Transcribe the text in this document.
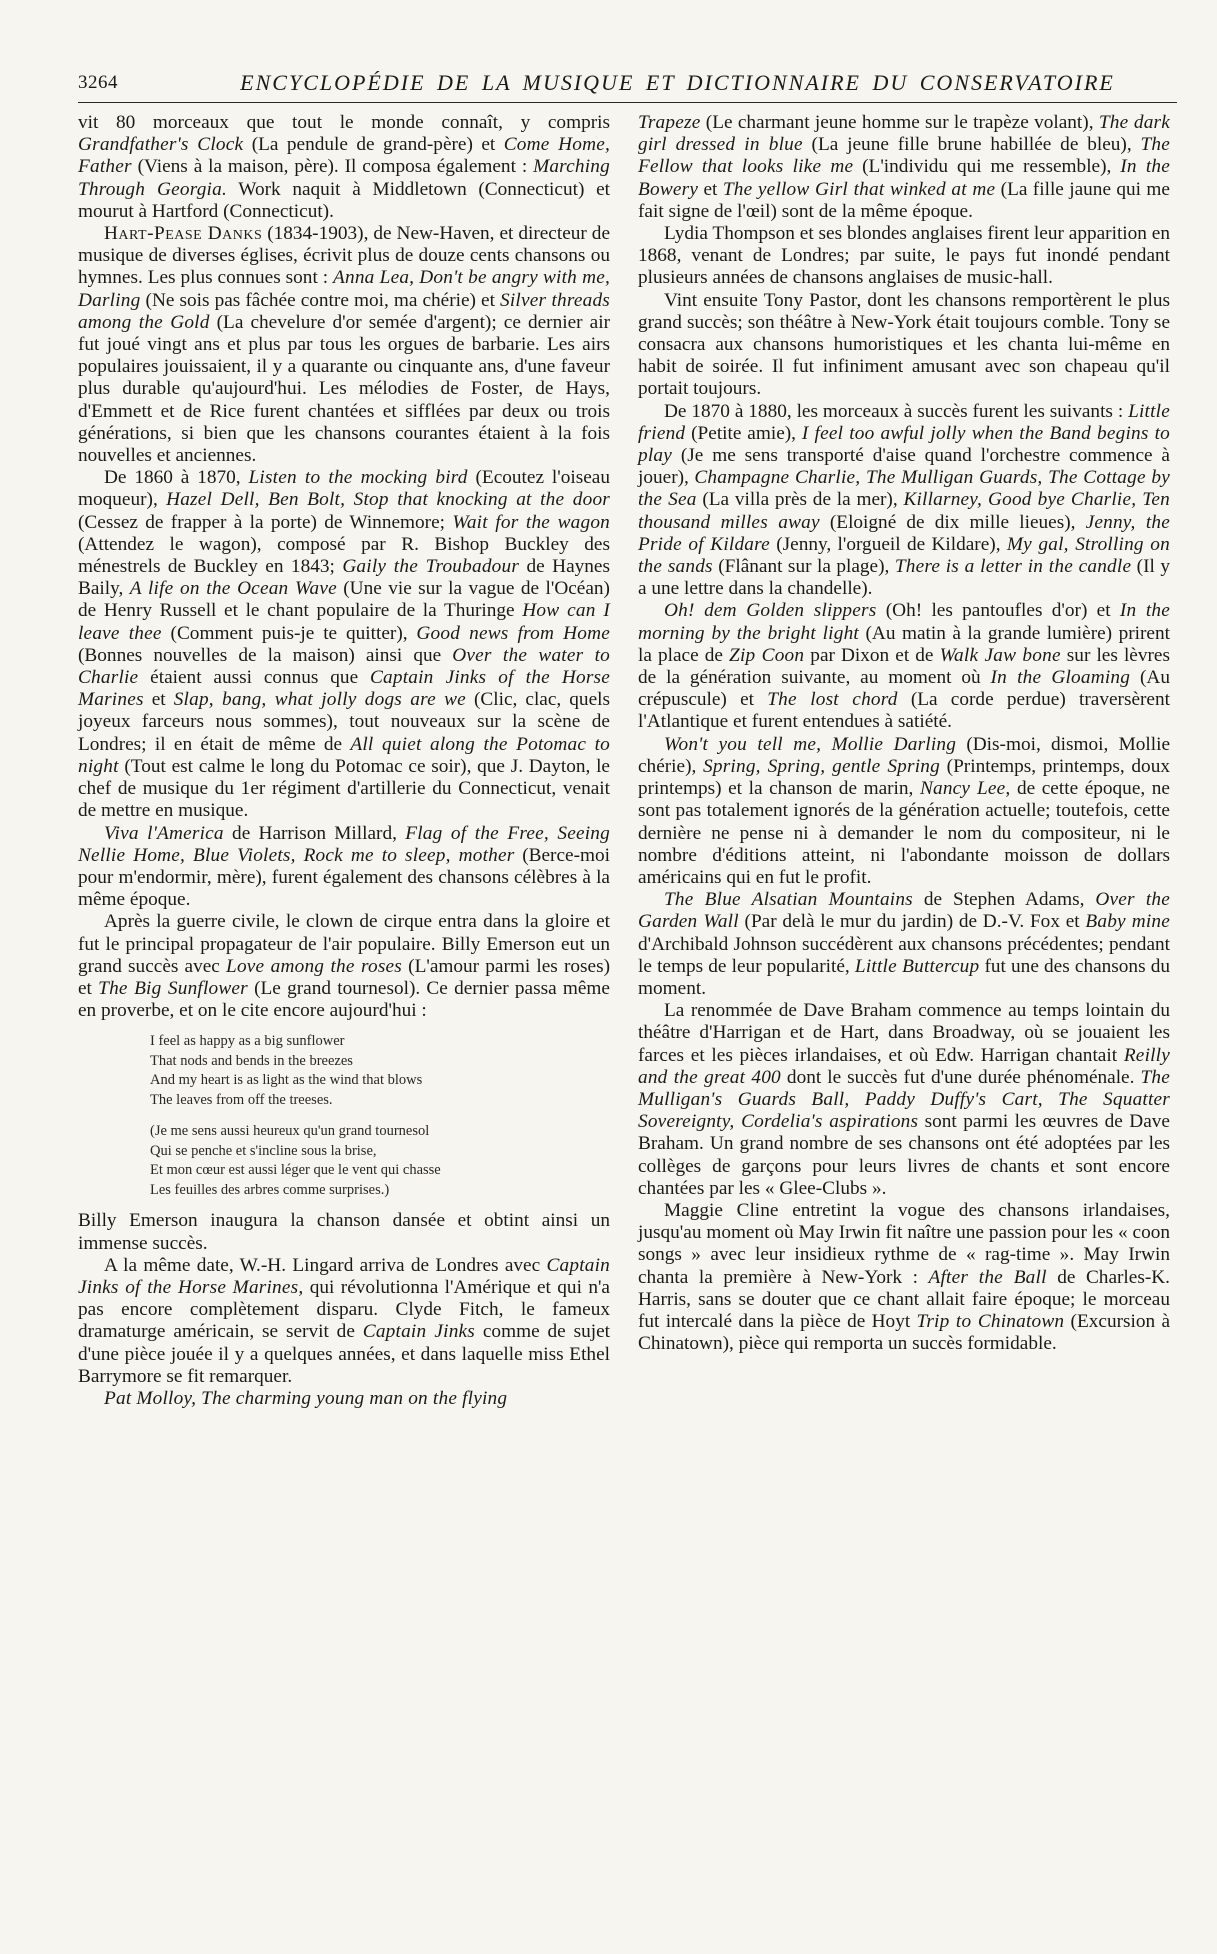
3264	ENCYCLOPÉDIE DE LA MUSIQUE ET DICTIONNAIRE DU CONSERVATOIRE

vit 80 morceaux que tout le monde connaît, y compris Grandfather's Clock (La pendule de grand-père) et Come Home, Father (Viens à la maison, père). Il composa également : Marching Through Georgia. Work naquit à Middletown (Connecticut) et mourut à Hartford (Connecticut).

Hart-Pease Danks (1834-1903), de New-Haven, et directeur de musique de diverses églises, écrivit plus de douze cents chansons ou hymnes. Les plus connues sont : Anna Lea, Don't be angry with me, Darling (Ne sois pas fâchée contre moi, ma chérie) et Silver threads among the Gold (La chevelure d'or semée d'argent); ce dernier air fut joué vingt ans et plus par tous les orgues de barbarie. Les airs populaires jouissaient, il y a quarante ou cinquante ans, d'une faveur plus durable qu'aujourd'hui. Les mélodies de Foster, de Hays, d'Emmett et de Rice furent chantées et sifflées par deux ou trois générations, si bien que les chansons courantes étaient à la fois nouvelles et anciennes.

De 1860 à 1870, Listen to the mocking bird (Ecoutez l'oiseau moqueur), Hazel Dell, Ben Bolt, Stop that knocking at the door (Cessez de frapper à la porte) de Winnemore; Wait for the wagon (Attendez le wagon), composé par R. Bishop Buckley des ménestrels de Buckley en 1843; Gaily the Troubadour de Haynes Baily, A life on the Ocean Wave (Une vie sur la vague de l'Océan) de Henry Russell et le chant populaire de la Thuringe How can I leave thee (Comment puis-je te quitter), Good news from Home (Bonnes nouvelles de la maison) ainsi que Over the water to Charlie étaient aussi connus que Captain Jinks of the Horse Marines et Slap, bang, what jolly dogs are we (Clic, clac, quels joyeux farceurs nous sommes), tout nouveaux sur la scène de Londres; il en était de même de All quiet along the Potomac to night (Tout est calme le long du Potomac ce soir), que J. Dayton, le chef de musique du 1er régiment d'artillerie du Connecticut, venait de mettre en musique.

Viva l'America de Harrison Millard, Flag of the Free, Seeing Nellie Home, Blue Violets, Rock me to sleep, mother (Berce-moi pour m'endormir, mère), furent également des chansons célèbres à la même époque.

Après la guerre civile, le clown de cirque entra dans la gloire et fut le principal propagateur de l'air populaire. Billy Emerson eut un grand succès avec Love among the roses (L'amour parmi les roses) et The Big Sunflower (Le grand tournesol). Ce dernier passa même en proverbe, et on le cite encore aujourd'hui :

I feel as happy as a big sunflower
That nods and bends in the breezes
And my heart is as light as the wind that blows
The leaves from off the treeses.
(Je me sens aussi heureux qu'un grand tournesol
Qui se penche et s'incline sous la brise,
Et mon cœur est aussi léger que le vent qui chasse
Les feuilles des arbres comme surprises.)

Billy Emerson inaugura la chanson dansée et obtint ainsi un immense succès.

A la même date, W.-H. Lingard arriva de Londres avec Captain Jinks of the Horse Marines, qui révolutionna l'Amérique et qui n'a pas encore complètement disparu. Clyde Fitch, le fameux dramaturge américain, se servit de Captain Jinks comme de sujet d'une pièce jouée il y a quelques années, et dans laquelle miss Ethel Barrymore se fit remarquer.

Pat Molloy, The charming young man on the flying

Trapeze (Le charmant jeune homme sur le trapèze volant), The dark girl dressed in blue (La jeune fille brune habillée de bleu), The Fellow that looks like me (L'individu qui me ressemble), In the Bowery et The yellow Girl that winked at me (La fille jaune qui me fait signe de l'œil) sont de la même époque.

Lydia Thompson et ses blondes anglaises firent leur apparition en 1868, venant de Londres; par suite, le pays fut inondé pendant plusieurs années de chansons anglaises de music-hall.

Vint ensuite Tony Pastor, dont les chansons remportèrent le plus grand succès; son théâtre à New-York était toujours comble. Tony se consacra aux chansons humoristiques et les chanta lui-même en habit de soirée. Il fut infiniment amusant avec son chapeau qu'il portait toujours.

De 1870 à 1880, les morceaux à succès furent les suivants : Little friend (Petite amie), I feel too awful jolly when the Band begins to play (Je me sens transporté d'aise quand l'orchestre commence à jouer), Champagne Charlie, The Mulligan Guards, The Cottage by the Sea (La villa près de la mer), Killarney, Good bye Charlie, Ten thousand milles away (Eloigné de dix mille lieues), Jenny, the Pride of Kildare (Jenny, l'orgueil de Kildare), My gal, Strolling on the sands (Flânant sur la plage), There is a letter in the candle (Il y a une lettre dans la chandelle).

Oh! dem Golden slippers (Oh! les pantoufles d'or) et In the morning by the bright light (Au matin à la grande lumière) prirent la place de Zip Coon par Dixon et de Walk Jaw bone sur les lèvres de la génération suivante, au moment où In the Gloaming (Au crépuscule) et The lost chord (La corde perdue) traversèrent l'Atlantique et furent entendues à satiété.

Won't you tell me, Mollie Darling (Dis-moi, dismoi, Mollie chérie), Spring, Spring, gentle Spring (Printemps, printemps, doux printemps) et la chanson de marin, Nancy Lee, de cette époque, ne sont pas totalement ignorés de la génération actuelle; toutefois, cette dernière ne pense ni à demander le nom du compositeur, ni le nombre d'éditions atteint, ni l'abondante moisson de dollars américains qui en fut le profit.

The Blue Alsatian Mountains de Stephen Adams, Over the Garden Wall (Par delà le mur du jardin) de D.-V. Fox et Baby mine d'Archibald Johnson succédèrent aux chansons précédentes; pendant le temps de leur popularité, Little Buttercup fut une des chansons du moment.

La renommée de Dave Braham commence au temps lointain du théâtre d'Harrigan et de Hart, dans Broadway, où se jouaient les farces et les pièces irlandaises, et où Edw. Harrigan chantait Reilly and the great 400 dont le succès fut d'une durée phénoménale. The Mulligan's Guards Ball, Paddy Duffy's Cart, The Squatter Sovereignty, Cordelia's aspirations sont parmi les œuvres de Dave Braham. Un grand nombre de ses chansons ont été adoptées par les collèges de garçons pour leurs livres de chants et sont encore chantées par les « Glee-Clubs ».

Maggie Cline entretint la vogue des chansons irlandaises, jusqu'au moment où May Irwin fit naître une passion pour les « coon songs » avec leur insidieux rythme de « rag-time ». May Irwin chanta la première à New-York : After the Ball de Charles-K. Harris, sans se douter que ce chant allait faire époque; le morceau fut intercalé dans la pièce de Hoyt Trip to Chinatown (Excursion à Chinatown), pièce qui remporta un succès formidable.
